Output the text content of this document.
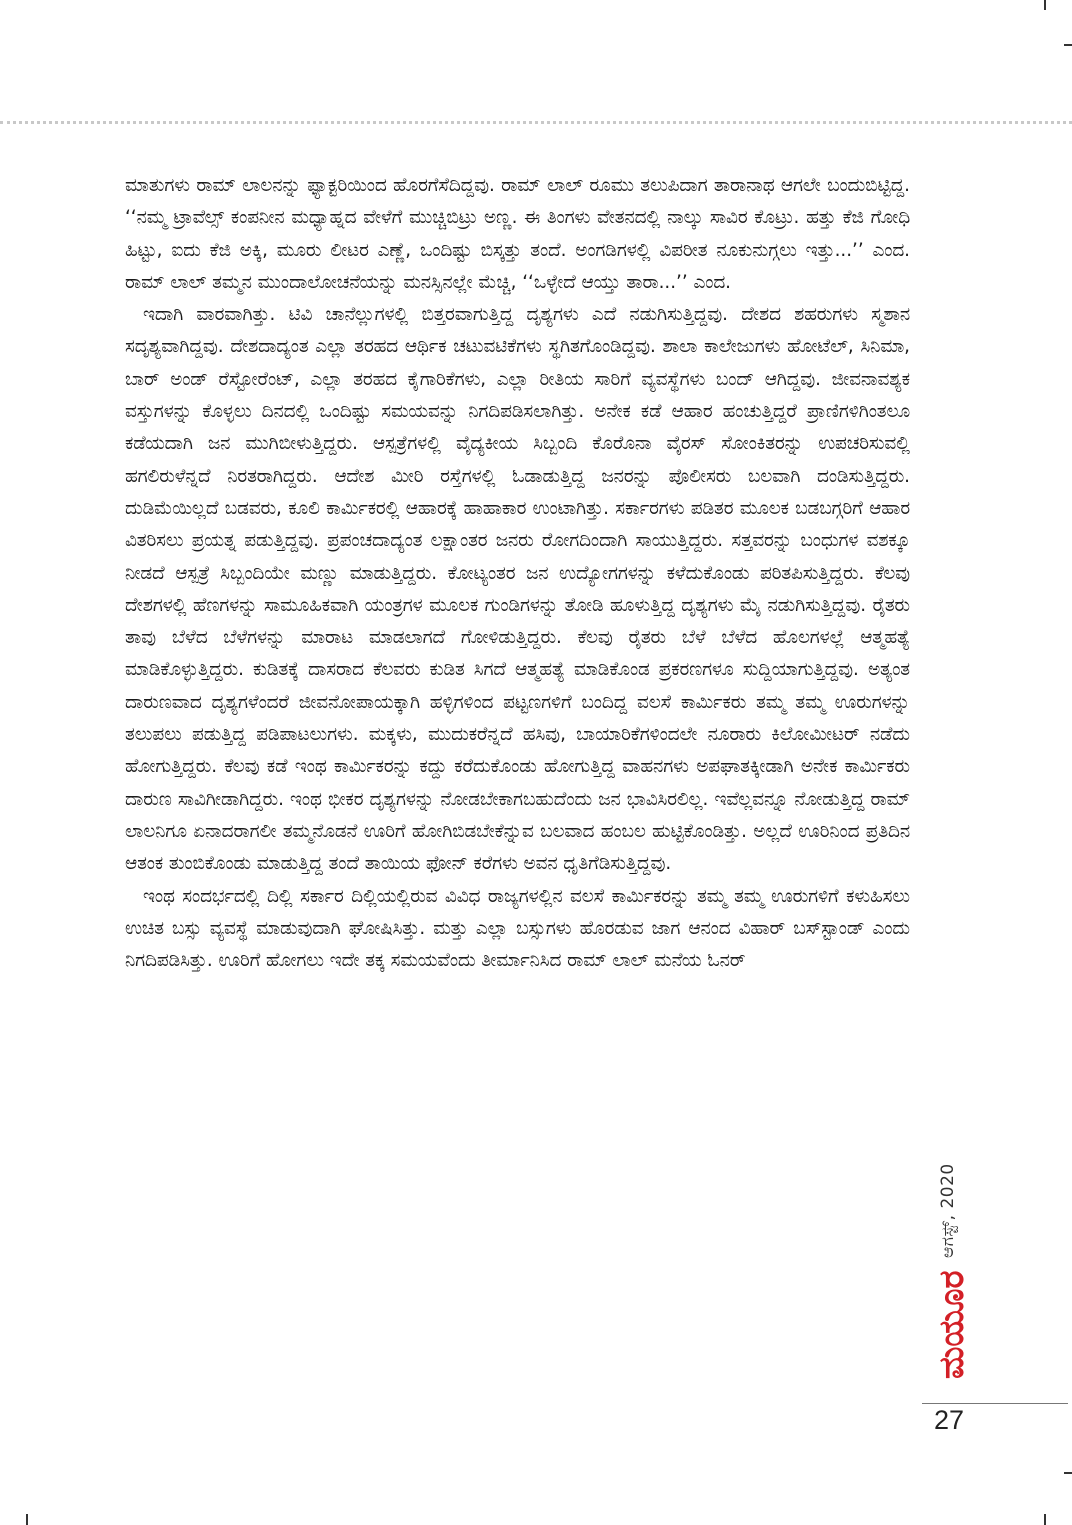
ಮಾತುಗಳು ರಾಮ್ ಲಾಲನನ್ನು ಫ್ಯಾಕ್ಟರಿಯಿಂದ ಹೊರಗೆಸೆದಿದ್ದವು. ರಾಮ್ ಲಾಲ್ ರೂಮು ತಲುಪಿದಾಗ ತಾರಾನಾಥ ಆಗಲೇ ಬಂದುಬಿಟ್ಟಿದ್ದ. ‘‘ನಮ್ಮ ಟ್ರಾವೆಲ್ಸ್ ಕಂಪನೀನ ಮಧ್ಯಾಹ್ನದ ವೇಳೆಗೆ ಮುಚ್ಚಿಬಿಟ್ರು ಅಣ್ಣ. ಈ ತಿಂಗಳು ವೇತನದಲ್ಲಿ ನಾಲ್ಕು ಸಾವಿರ ಕೊಟ್ರು. ಹತ್ತು ಕೆಜಿ ಗೋಧಿ ಹಿಟ್ಟು, ಐದು ಕೆಜಿ ಅಕ್ಕಿ, ಮೂರು ಲೀಟರ ಎಣ್ಣೆ, ಒಂದಿಷ್ಟು ಬಿಸ್ಕತ್ತು ತಂದೆ. ಅಂಗಡಿಗಳಲ್ಲಿ ವಿಪರೀತ ನೂಕುನುಗ್ಗಲು ಇತ್ತು...’’ ಎಂದ. ರಾಮ್ ಲಾಲ್ ತಮ್ಮನ ಮುಂದಾಲೋಚನೆಯನ್ನು ಮನಸ್ಸಿನಲ್ಲೇ ಮೆಚ್ಚಿ, ‘‘ಒಳ್ಳೇದೆ ಆಯ್ತು ತಾರಾ...’’ ಎಂದ.

ಇದಾಗಿ ವಾರವಾಗಿತ್ತು. ಟಿವಿ ಚಾನೆಲ್ಲುಗಳಲ್ಲಿ ಬಿತ್ತರವಾಗುತ್ತಿದ್ದ ದೃಶ್ಯಗಳು ಎದೆ ನಡುಗಿಸುತ್ತಿದ್ದವು. ದೇಶದ ಶಹರುಗಳು ಸ್ಮಶಾನ ಸದೃಶ್ಯವಾಗಿದ್ದವು. ದೇಶದಾದ್ಯಂತ ಎಲ್ಲಾ ತರಹದ ಆರ್ಥಿಕ ಚಟುವಟಿಕೆಗಳು ಸ್ಥಗಿತಗೊಂಡಿದ್ದವು. ಶಾಲಾ ಕಾಲೇಜುಗಳು ಹೋಟೆಲ್, ಸಿನಿಮಾ, ಬಾರ್ ಅಂಡ್ ರೆಸ್ಟೋರೆಂಟ್, ಎಲ್ಲಾ ತರಹದ ಕೈಗಾರಿಕೆಗಳು, ಎಲ್ಲಾ ರೀತಿಯ ಸಾರಿಗೆ ವ್ಯವಸ್ಥೆಗಳು ಬಂದ್ ಆಗಿದ್ದವು. ಜೀವನಾವಶ್ಯಕ ವಸ್ತುಗಳನ್ನು ಕೊಳ್ಳಲು ದಿನದಲ್ಲಿ ಒಂದಿಷ್ಟು ಸಮಯವನ್ನು ನಿಗದಿಪಡಿಸಲಾಗಿತ್ತು. ಅನೇಕ ಕಡೆ ಆಹಾರ ಹಂಚುತ್ತಿದ್ದರೆ ಪ್ರಾಣಿಗಳಿಗಿಂತಲೂ ಕಡೆಯದಾಗಿ ಜನ ಮುಗಿಬೀಳುತ್ತಿದ್ದರು. ಆಸ್ಪತ್ರೆಗಳಲ್ಲಿ ವೈದ್ಯಕೀಯ ಸಿಬ್ಬಂದಿ ಕೊರೊನಾ ವೈರಸ್ ಸೋಂಕಿತರನ್ನು ಉಪಚರಿಸುವಲ್ಲಿ ಹಗಲಿರುಳೆನ್ನದೆ ನಿರತರಾಗಿದ್ದರು. ಆದೇಶ ಮೀರಿ ರಸ್ತೆಗಳಲ್ಲಿ ಓಡಾಡುತ್ತಿದ್ದ ಜನರನ್ನು ಪೊಲೀಸರು ಬಲವಾಗಿ ದಂಡಿಸುತ್ತಿದ್ದರು. ದುಡಿಮೆಯಿಲ್ಲದೆ ಬಡವರು, ಕೂಲಿ ಕಾರ್ಮಿಕರಲ್ಲಿ ಆಹಾರಕ್ಕೆ ಹಾಹಾಕಾರ ಉಂಟಾಗಿತ್ತು. ಸರ್ಕಾರಗಳು ಪಡಿತರ ಮೂಲಕ ಬಡಬಗ್ಗರಿಗೆ ಆಹಾರ ವಿತರಿಸಲು ಪ್ರಯತ್ನ ಪಡುತ್ತಿದ್ದವು. ಪ್ರಪಂಚದಾದ್ಯಂತ ಲಕ್ಷಾಂತರ ಜನರು ರೋಗದಿಂದಾಗಿ ಸಾಯುತ್ತಿದ್ದರು. ಸತ್ತವರನ್ನು ಬಂಧುಗಳ ವಶಕ್ಕೂ ನೀಡದೆ ಆಸ್ಪತ್ರೆ ಸಿಬ್ಬಂದಿಯೇ ಮಣ್ಣು ಮಾಡುತ್ತಿದ್ದರು. ಕೋಟ್ಯಂತರ ಜನ ಉದ್ಯೋಗಗಳನ್ನು ಕಳೆದುಕೊಂಡು ಪರಿತಪಿಸುತ್ತಿದ್ದರು. ಕೆಲವು ದೇಶಗಳಲ್ಲಿ ಹೆಣಗಳನ್ನು ಸಾಮೂಹಿಕವಾಗಿ ಯಂತ್ರಗಳ ಮೂಲಕ ಗುಂಡಿಗಳನ್ನು ತೋಡಿ ಹೂಳುತ್ತಿದ್ದ ದೃಶ್ಯಗಳು ಮೈ ನಡುಗಿಸುತ್ತಿದ್ದವು. ರೈತರು ತಾವು ಬೆಳೆದ ಬೆಳೆಗಳನ್ನು ಮಾರಾಟ ಮಾಡಲಾಗದೆ ಗೋಳಿಡುತ್ತಿದ್ದರು. ಕೆಲವು ರೈತರು ಬೆಳೆ ಬೆಳೆದ ಹೊಲಗಳಲ್ಲೆ ಆತ್ಮಹತ್ಯೆ ಮಾಡಿಕೊಳ್ಳುತ್ತಿದ್ದರು. ಕುಡಿತಕ್ಕೆ ದಾಸರಾದ ಕೆಲವರು ಕುಡಿತ ಸಿಗದೆ ಆತ್ಮಹತ್ಯೆ ಮಾಡಿಕೊಂಡ ಪ್ರಕರಣಗಳೂ ಸುದ್ದಿಯಾಗುತ್ತಿದ್ದವು. ಅತ್ಯಂತ ದಾರುಣವಾದ ದೃಶ್ಯಗಳೆಂದರೆ ಜೀವನೋಪಾಯಕ್ಕಾಗಿ ಹಳ್ಳಿಗಳಿಂದ ಪಟ್ಟಣಗಳಿಗೆ ಬಂದಿದ್ದ ವಲಸೆ ಕಾರ್ಮಿಕರು ತಮ್ಮ ತಮ್ಮ ಊರುಗಳನ್ನು ತಲುಪಲು ಪಡುತ್ತಿದ್ದ ಪಡಿಪಾಟಲುಗಳು. ಮಕ್ಕಳು, ಮುದುಕರೆನ್ನದೆ ಹಸಿವು, ಬಾಯಾರಿಕೆಗಳಿಂದಲೇ ನೂರಾರು ಕಿಲೋಮೀಟರ್ ನಡೆದು ಹೋಗುತ್ತಿದ್ದರು. ಕೆಲವು ಕಡೆ ಇಂಥ ಕಾರ್ಮಿಕರನ್ನು ಕದ್ದು ಕರೆದುಕೊಂಡು ಹೋಗುತ್ತಿದ್ದ ವಾಹನಗಳು ಅಪಘಾತಕ್ಕೀಡಾಗಿ ಅನೇಕ ಕಾರ್ಮಿಕರು ದಾರುಣ ಸಾವಿಗೀಡಾಗಿದ್ದರು. ಇಂಥ ಭೀಕರ ದೃಶ್ಯಗಳನ್ನು ನೋಡಬೇಕಾಗಬಹುದೆಂದು ಜನ ಭಾವಿಸಿರಲಿಲ್ಲ. ಇವೆಲ್ಲವನ್ನೂ ನೋಡುತ್ತಿದ್ದ ರಾಮ್ ಲಾಲನಿಗೂ ಏನಾದರಾಗಲೀ ತಮ್ಮನೊಡನೆ ಊರಿಗೆ ಹೋಗಿಬಿಡಬೇಕೆನ್ನುವ ಬಲವಾದ ಹಂಬಲ ಹುಟ್ಟಿಕೊಂಡಿತ್ತು. ಅಲ್ಲದೆ ಊರಿನಿಂದ ಪ್ರತಿದಿನ ಆತಂಕ ತುಂಬಿಕೊಂಡು ಮಾಡುತ್ತಿದ್ದ ತಂದೆ ತಾಯಿಯ ಫೋನ್ ಕರೆಗಳು ಅವನ ಧೃತಿಗೆಡಿಸುತ್ತಿದ್ದವು.

ಇಂಥ ಸಂದರ್ಭದಲ್ಲಿ ದಿಲ್ಲಿ ಸರ್ಕಾರ ದಿಲ್ಲಿಯಲ್ಲಿರುವ ವಿವಿಧ ರಾಜ್ಯಗಳಲ್ಲಿನ ವಲಸೆ ಕಾರ್ಮಿಕರನ್ನು ತಮ್ಮ ತಮ್ಮ ಊರುಗಳಿಗೆ ಕಳುಹಿಸಲು ಉಚಿತ ಬಸ್ಸು ವ್ಯವಸ್ಥೆ ಮಾಡುವುದಾಗಿ ಘೋಷಿಸಿತ್ತು. ಮತ್ತು ಎಲ್ಲಾ ಬಸ್ಸುಗಳು ಹೊರಡುವ ಜಾಗ ಆನಂದ ವಿಹಾರ್ ಬಸ್‌ಸ್ಟಾಂಡ್ ಎಂದು ನಿಗದಿಪಡಿಸಿತ್ತು. ಊರಿಗೆ ಹೋಗಲು ಇದೇ ತಕ್ಕ ಸಮಯವೆಂದು ತೀರ್ಮಾನಿಸಿದ ರಾಮ್ ಲಾಲ್ ಮನೆಯ ಓನರ್

ಆಗಸ್ಟ್, 2020
ಮಯೂರ
27
